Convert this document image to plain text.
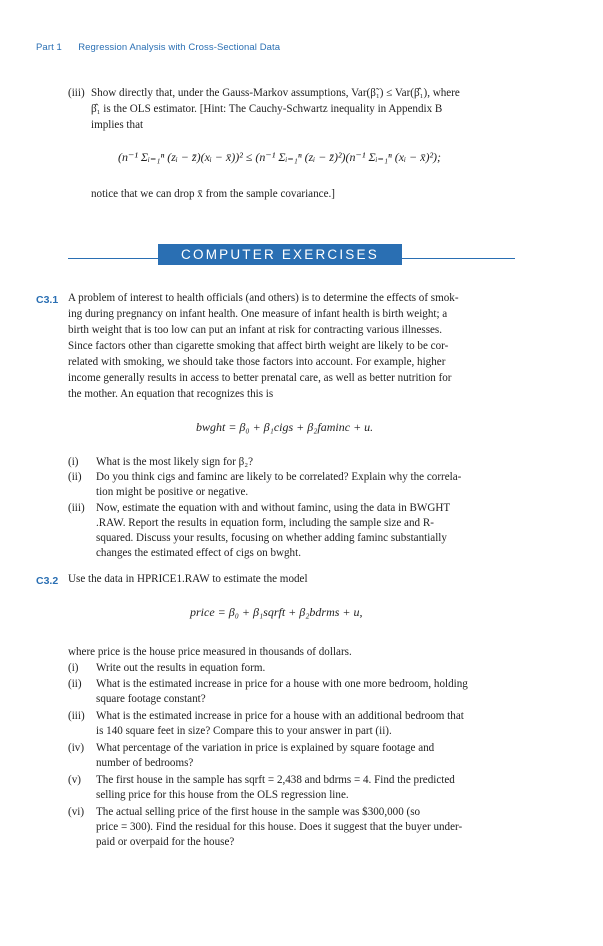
Part 1 Regression Analysis with Cross-Sectional Data
(iii) Show directly that, under the Gauss-Markov assumptions, Var(β̃₁) ≤ Var(β̂₁), where
β̂₁ is the OLS estimator. [Hint: The Cauchy-Schwartz inequality in Appendix B
implies that
(n⁻¹ Σᵢ₌₁ⁿ (zᵢ − z̄)(xᵢ − x̄))² ≤ (n⁻¹ Σᵢ₌₁ⁿ (zᵢ − z̄)²)(n⁻¹ Σᵢ₌₁ⁿ (xᵢ − x̄)²);
notice that we can drop x̄ from the sample covariance.]
COMPUTER EXERCISES
C3.1 A problem of interest to health officials (and others) is to determine the effects of smok-
ing during pregnancy on infant health. One measure of infant health is birth weight; a
birth weight that is too low can put an infant at risk for contracting various illnesses.
Since factors other than cigarette smoking that affect birth weight are likely to be cor-
related with smoking, we should take those factors into account. For example, higher
income generally results in access to better prenatal care, as well as better nutrition for
the mother. An equation that recognizes this is
bwght = β₀ + β₁cigs + β₂faminc + u.
(i) What is the most likely sign for β₂?
(ii) Do you think cigs and faminc are likely to be correlated? Explain why the correla-
tion might be positive or negative.
(iii) Now, estimate the equation with and without faminc, using the data in BWGHT
.RAW. Report the results in equation form, including the sample size and R-
squared. Discuss your results, focusing on whether adding faminc substantially
changes the estimated effect of cigs on bwght.
C3.2 Use the data in HPRICE1.RAW to estimate the model
price = β₀ + β₁sqrft + β₂bdrms + u,
where price is the house price measured in thousands of dollars.
(i) Write out the results in equation form.
(ii) What is the estimated increase in price for a house with one more bedroom, holding
square footage constant?
(iii) What is the estimated increase in price for a house with an additional bedroom that
is 140 square feet in size? Compare this to your answer in part (ii).
(iv) What percentage of the variation in price is explained by square footage and
number of bedrooms?
(v) The first house in the sample has sqrft = 2,438 and bdrms = 4. Find the predicted
selling price for this house from the OLS regression line.
(vi) The actual selling price of the first house in the sample was $300,000 (so
price = 300). Find the residual for this house. Does it suggest that the buyer under-
paid or overpaid for the house?
